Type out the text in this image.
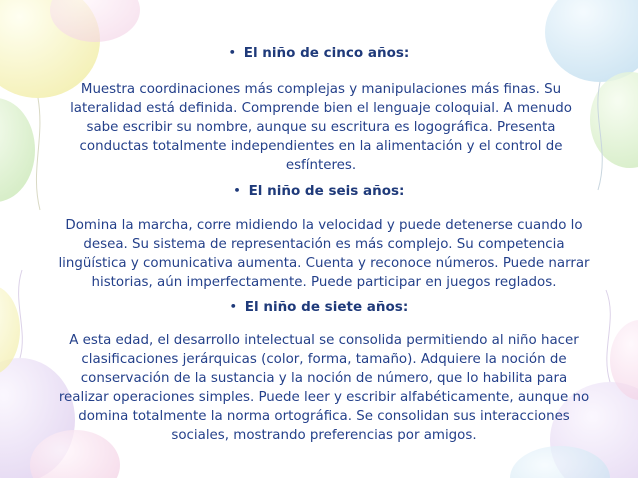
• El niño de cinco años:
Muestra coordinaciones más complejas y manipulaciones más finas. Su lateralidad está definida. Comprende bien el lenguaje coloquial. A menudo sabe escribir su nombre, aunque su escritura es logográfica. Presenta conductas totalmente independientes en la alimentación y el control de esfínteres.
• El niño de seis años:
Domina la marcha, corre midiendo la velocidad y puede detenerse cuando lo desea. Su sistema de representación es más complejo. Su competencia lingüística y comunicativa aumenta. Cuenta y reconoce números. Puede narrar historias, aún imperfectamente. Puede participar en juegos reglados.
• El niño de siete años:
A esta edad, el desarrollo intelectual se consolida permitiendo al niño hacer clasificaciones jerárquicas (color, forma, tamaño). Adquiere la noción de conservación de la sustancia y la noción de número, que lo habilita para realizar operaciones simples. Puede leer y escribir alfabéticamente, aunque no domina totalmente la norma ortográfica. Se consolidan sus interacciones sociales, mostrando preferencias por amigos.
